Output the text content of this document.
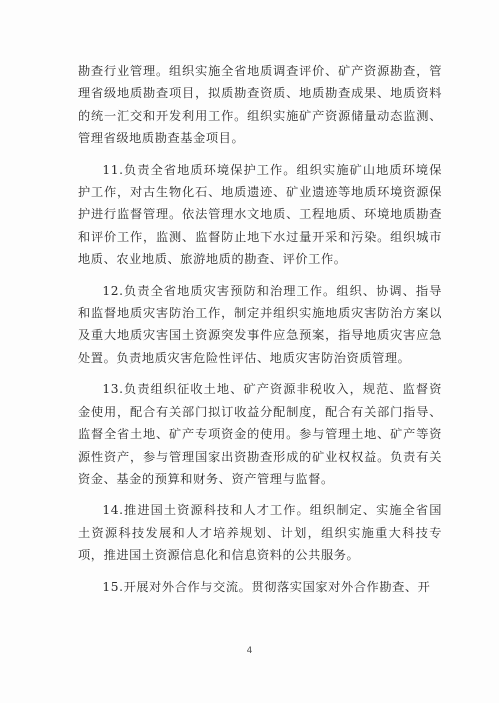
勘查行业管理。组织实施全省地质调查评价、矿产资源勘查，管理省级地质勘查项目，拟质勘查资质、地质勘查成果、地质资料的统一汇交和开发利用工作。组织实施矿产资源储量动态监测、管理省级地质勘查基金项目。

11.负责全省地质环境保护工作。组织实施矿山地质环境保护工作，对古生物化石、地质遗迹、矿业遗迹等地质环境资源保护进行监督管理。依法管理水文地质、工程地质、环境地质勘查和评价工作，监测、监督防止地下水过量开采和污染。组织城市地质、农业地质、旅游地质的勘查、评价工作。

12.负责全省地质灾害预防和治理工作。组织、协调、指导和监督地质灾害防治工作，制定并组织实施地质灾害防治方案以及重大地质灾害国土资源突发事件应急预案，指导地质灾害应急处置。负责地质灾害危险性评估、地质灾害防治资质管理。

13.负责组织征收土地、矿产资源非税收入，规范、监督资金使用，配合有关部门拟订收益分配制度，配合有关部门指导、监督全省土地、矿产专项资金的使用。参与管理土地、矿产等资源性资产，参与管理国家出资勘查形成的矿业权权益。负责有关资金、基金的预算和财务、资产管理与监督。

14.推进国土资源科技和人才工作。组织制定、实施全省国土资源科技发展和人才培养规划、计划，组织实施重大科技专项，推进国土资源信息化和信息资料的公共服务。

15.开展对外合作与交流。贯彻落实国家对外合作勘查、开

4
